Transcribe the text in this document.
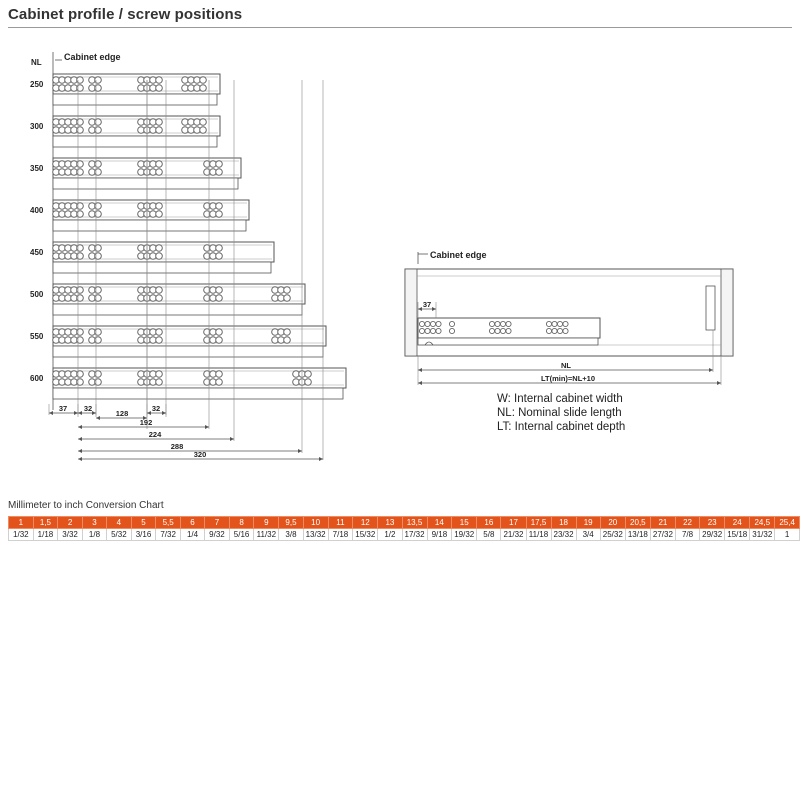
Cabinet profile / screw positions
NL
Cabinet edge
250
300
350
400
450
500
550
600
37 32
128
32
192
224
288
320
Cabinet edge
37
NL
LT(min)=NL+10
W: Internal cabinet width
NL: Nominal slide length
LT: Internal cabinet depth
Millimeter to inch Conversion Chart
1	1,5	2	3	4	5	5,5	6	7	8	9	9,5	10	11	12	13	13,5	14	15	16	17	17,5	18	19	20	20,5	21	22	23	24	24,5	25,4
1/32	1/18	3/32	1/8	5/32	3/16	7/32	1/4	9/32	5/16	11/32	3/8	13/32	7/18	15/32	1/2	17/32	9/18	19/32	5/8	21/32	11/18	23/32	3/4	25/32	13/18	27/32	7/8	29/32	15/18	31/32	1
